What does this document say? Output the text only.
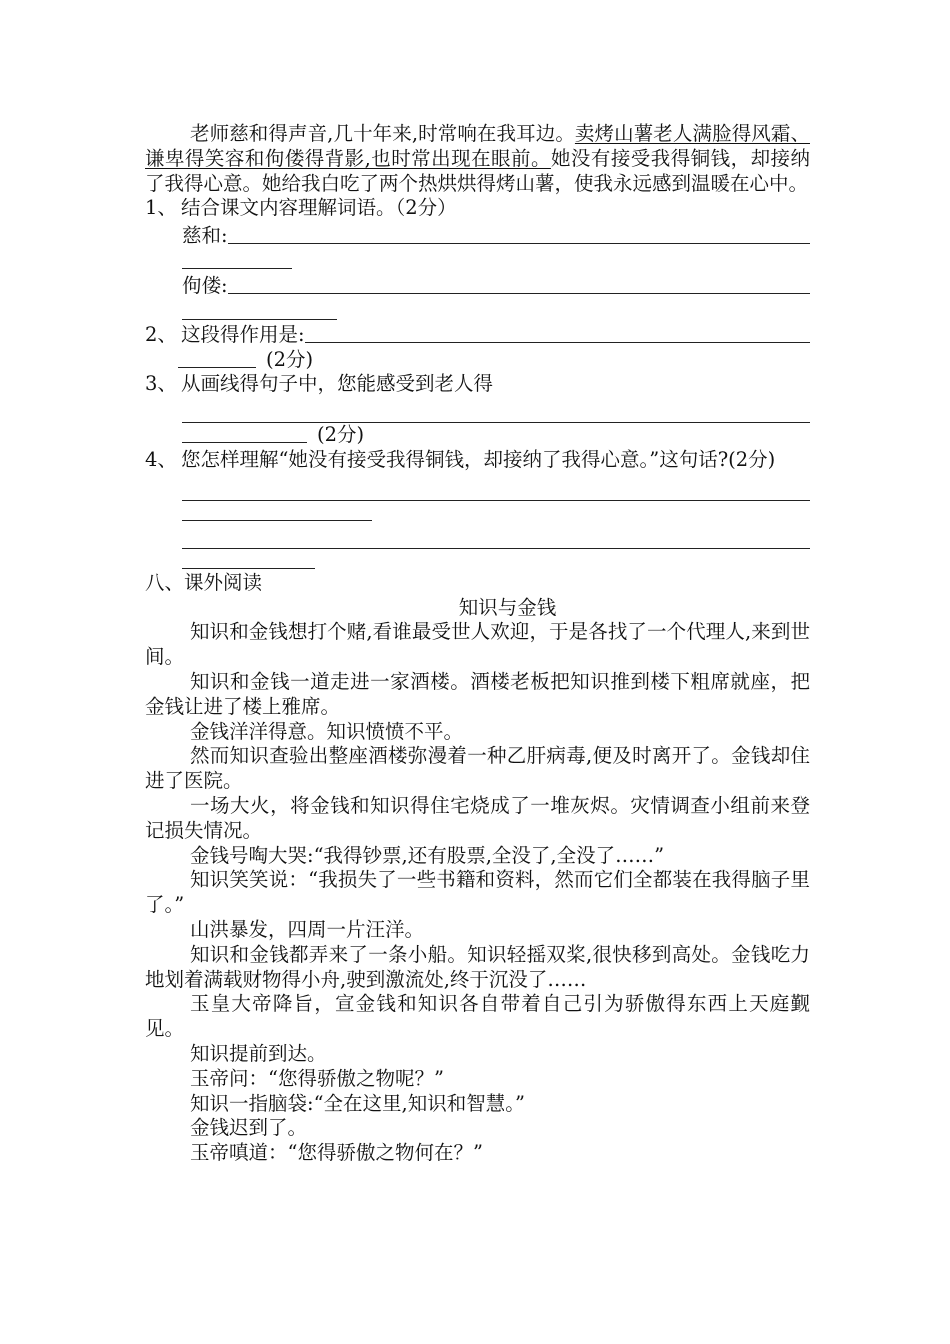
老师慈和得声音,几十年来,时常响在我耳边。卖烤山薯老人满脸得风霜、谦卑得笑容和佝偻得背影,也时常出现在眼前。她没有接受我得铜钱，却接纳了我得心意。她给我白吃了两个热烘烘得烤山薯，使我永远感到温暖在心中。

1、 结合课文内容理解词语。（2分）
慈和:
佝偻:
2、 这段得作用是:
(2分)
3、 从画线得句子中，您能感受到老人得
(2分)
4、 您怎样理解“她没有接受我得铜钱，却接纳了我得心意。”这句话?(2分)

八、课外阅读

知识与金钱

知识和金钱想打个赌,看谁最受世人欢迎，于是各找了一个代理人,来到世间。

知识和金钱一道走进一家酒楼。酒楼老板把知识推到楼下粗席就座，把金钱让进了楼上雅席。

金钱洋洋得意。知识愤愤不平。

然而知识查验出整座酒楼弥漫着一种乙肝病毒,便及时离开了。金钱却住进了医院。

一场大火，将金钱和知识得住宅烧成了一堆灰烬。灾情调查小组前来登记损失情况。

金钱号啕大哭:“我得钞票,还有股票,全没了,全没了……”

知识笑笑说：“我损失了一些书籍和资料，然而它们全都装在我得脑子里了。”

山洪暴发，四周一片汪洋。

知识和金钱都弄来了一条小船。知识轻摇双桨,很快移到高处。金钱吃力地划着满载财物得小舟,驶到激流处,终于沉没了……

玉皇大帝降旨，宣金钱和知识各自带着自己引为骄傲得东西上天庭觐见。

知识提前到达。

玉帝问：“您得骄傲之物呢？”

知识一指脑袋:“全在这里,知识和智慧。”

金钱迟到了。

玉帝嗔道：“您得骄傲之物何在？”
